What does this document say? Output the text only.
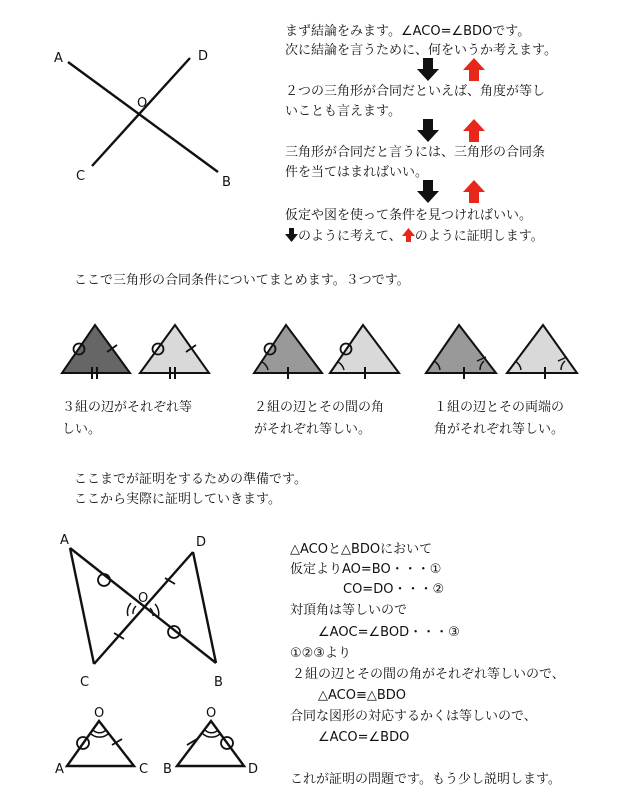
A	D
O
C	B
まず結論をみます。∠ACO=∠BDOです。
次に結論を言うために、何をいうか考えます。
２つの三角形が合同だといえば、角度が等し
いことも言えます。
三角形が合同だと言うには、三角形の合同条
件を当てはまればいい。
仮定や図を使って条件を見つければいい。
のように考えて、 のように証明します。
ここで三角形の合同条件についてまとめます。３つです。
３組の辺がそれぞれ等
しい。
２組の辺とその間の角
がそれぞれ等しい。
１組の辺とその両端の
角がそれぞれ等しい。
ここまでが証明をするための準備です。
ここから実際に証明していきます。
A	D
O
C	B
O
A	C
O
B	D
△ACOと△BDOにおいて
仮定よりAO=BO・・・①
CO=DO・・・②
対頂角は等しいので
∠AOC=∠BOD・・・③
①②③より
２組の辺とその間の角がそれぞれ等しいので、
△ACO≡△BDO
合同な図形の対応するかくは等しいので、
∠ACO=∠BDO
これが証明の問題です。もう少し説明します。
